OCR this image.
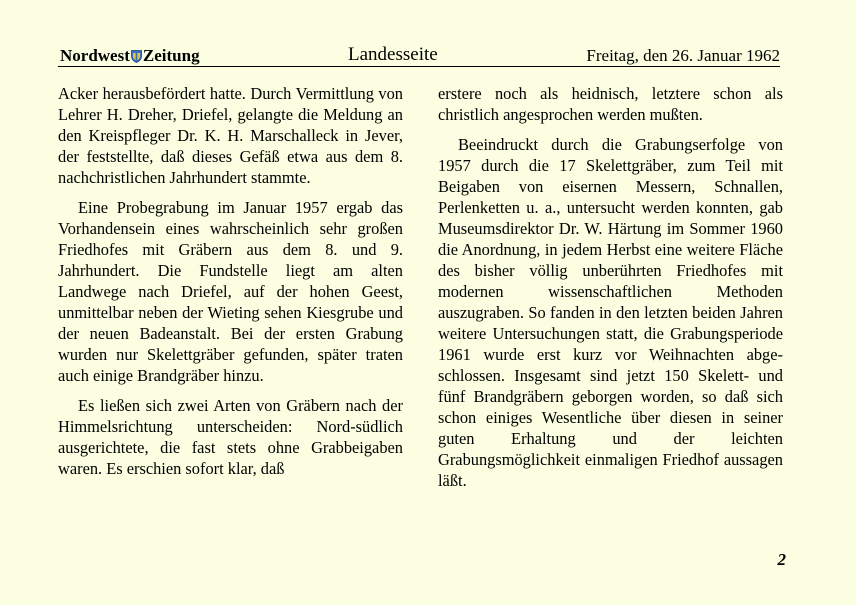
Nordwest Zeitung	Landesseite	Freitag, den 26. Januar 1962

Acker herausbefördert hatte. Durch Vermittlung von Lehrer H. Dreher, Driefel, gelangte die Meldung an den Kreispfleger Dr. K. H. Marschalleck in Jever, der feststellte, daß dieses Gefäß etwa aus dem 8. nachchristlichen Jahrhundert stammte.

Eine Probegrabung im Januar 1957 ergab das Vorhandensein eines wahrscheinlich sehr großen Friedhofes mit Gräbern aus dem 8. und 9. Jahrhundert. Die Fundstelle liegt am alten Landwege nach Driefel, auf der hohen Geest, unmittelbar neben der Wieting sehen Kiesgrube und der neuen Badeanstalt. Bei der ersten Grabung wurden nur Skelettgräber gefunden, später traten auch einige Brandgräber hinzu.

Es ließen sich zwei Arten von Gräbern nach der Himmelsrichtung unterscheiden: Nord-südlich ausgerichtete, die fast stets ohne Grabbeigaben waren. Es erschien sofort klar, daß

erstere noch als heidnisch, letztere schon als christlich angesprochen werden mußten.

Beeindruckt durch die Grabungserfolge von 1957 durch die 17 Skelettgräber, zum Teil mit Beigaben von eisernen Messern, Schnallen, Perlenketten u. a., untersucht werden konnten, gab Museumsdirektor Dr. W. Härtung im Sommer 1960 die Anordnung, in jedem Herbst eine weitere Fläche des bisher völlig unberührten Friedhofes mit modernen wissenschaftlichen Methoden auszugraben. So fanden in den letzten beiden Jahren weitere Untersuchungen statt, die Grabungsperiode 1961 wurde erst kurz vor Weihnachten abgeschlossen. Insgesamt sind jetzt 150 Skelett- und fünf Brandgräbern geborgen worden, so daß sich schon einiges Wesentliche über diesen in seiner guten Erhaltung und der leichten Grabungsmöglichkeit einmaligen Friedhof aussagen läßt.

2
